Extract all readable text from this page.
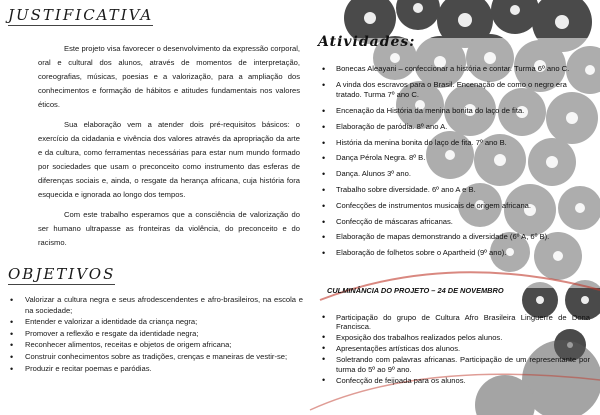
JUSTIFICATIVA
Este projeto visa favorecer o desenvolvimento da expressão corporal, oral e cultural dos alunos, através de momentos de interpretação, coreografias, músicas, poesias e a valorização, para a ampliação dos conhecimentos e formação de hábitos e atitudes fundamentais nos valores éticos.
Sua elaboração vem a atender dois pré-requisitos básicos: o exercício da cidadania e vivência dos valores através da apropriação da arte e da cultura, como ferramentas necessárias para estar num mundo formado por sociedades que usam o preconceito como instrumento das esferas de diferenças sociais e, ainda, o resgate da herança africana, cuja história fora esquecida e ignorada ao longo dos tempos.
Com este trabalho esperamos que a consciência de valorização do ser humano ultrapasse as fronteiras da violência, do preconceito e do racismo.
OBJETIVOS
• Valorizar a cultura negra e seus afrodescendentes e afro-brasileiros, na escola e na sociedade;
• Entender e valorizar a identidade da criança negra;
• Promover a reflexão e resgate da identidade negra;
• Reconhecer alimentos, receitas e objetos de origem africana;
• Construir conhecimentos sobre as tradições, crenças e maneiras de vestir-se;
• Produzir e recitar poemas e paródias.
Atividades:
• Bonecas Aleayani – confeccionar a história e contar. Turma 6º ano C.
• A vinda dos escravos para o Brasil. Encenação de como o negro era tratado. Turma 7º ano C.
• Encenação da História da menina bonita do laço de fita.
• Elaboração de paródia. 8º ano A.
• História da menina bonita do laço de fita. 7º ano B.
• Dança Pérola Negra. 8º B.
• Dança. Alunos 3º ano.
• Trabalho sobre diversidade. 6º ano A e B.
• Confecções de instrumentos musicais de origem africana.
• Confecção de máscaras africanas.
• Elaboração de mapas demonstrando a diversidade (6º A, 6º B).
• Elaboração de folhetos sobre o Apartheid (9º ano).
CULMINÂNCIA DO PROJETO – 24 DE NOVEMBRO
• Participação do grupo de Cultura Afro Brasileira Linguerre de Dona Francisca.
• Exposição dos trabalhos realizados pelos alunos.
• Apresentações artísticas dos alunos.
• Soletrando com palavras africanas. Participação de um representante por turma do 5º ao 9º ano.
• Confecção de feijoada para os alunos.
